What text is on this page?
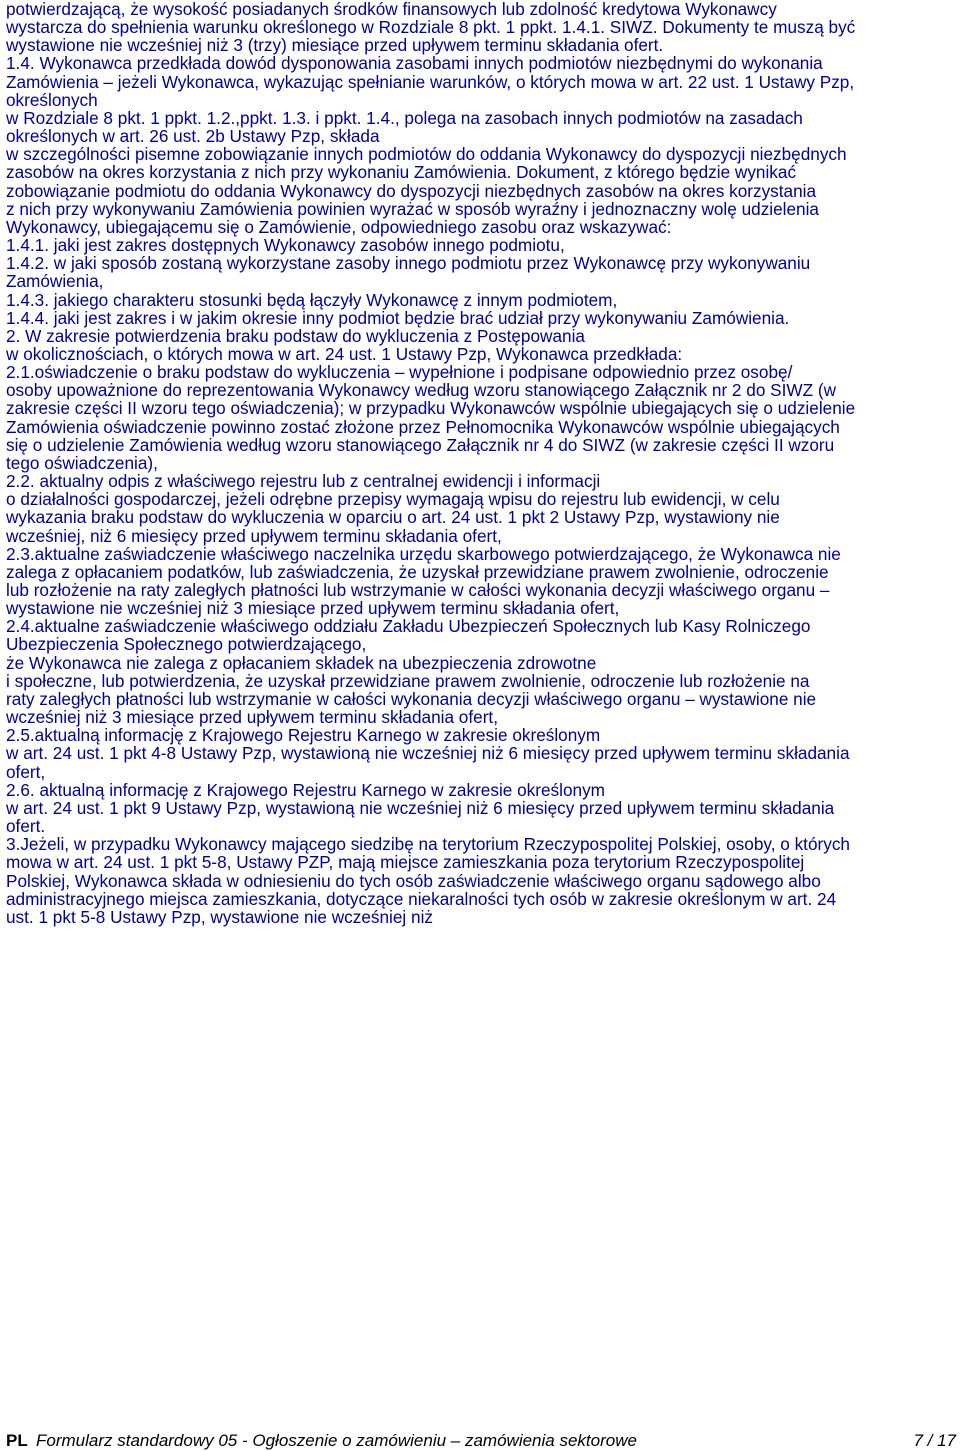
potwierdzającą, że wysokość posiadanych środków finansowych lub zdolność kredytowa Wykonawcy
wystarcza do spełnienia warunku określonego w Rozdziale 8 pkt. 1 ppkt. 1.4.1. SIWZ. Dokumenty te muszą być
wystawione nie wcześniej niż 3 (trzy) miesiące przed upływem terminu składania ofert.
1.4. Wykonawca przedkłada dowód dysponowania zasobami innych podmiotów niezbędnymi do wykonania
Zamówienia – jeżeli Wykonawca, wykazując spełnianie warunków, o których mowa w art. 22 ust. 1 Ustawy Pzp,
określonych
w Rozdziale 8 pkt. 1 ppkt. 1.2.,ppkt. 1.3. i ppkt. 1.4., polega na zasobach innych podmiotów na zasadach
określonych w art. 26 ust. 2b Ustawy Pzp, składa
w szczególności pisemne zobowiązanie innych podmiotów do oddania Wykonawcy do dyspozycji niezbędnych
zasobów na okres korzystania z nich przy wykonaniu Zamówienia. Dokument, z którego będzie wynikać
zobowiązanie podmiotu do oddania Wykonawcy do dyspozycji niezbędnych zasobów na okres korzystania
z nich przy wykonywaniu Zamówienia powinien wyrażać w sposób wyraźny i jednoznaczny wolę udzielenia
Wykonawcy, ubiegającemu się o Zamówienie, odpowiedniego zasobu oraz wskazywać:
1.4.1. jaki jest zakres dostępnych Wykonawcy zasobów innego podmiotu,
1.4.2. w jaki sposób zostaną wykorzystane zasoby innego podmiotu przez Wykonawcę przy wykonywaniu
Zamówienia,
1.4.3. jakiego charakteru stosunki będą łączyły Wykonawcę z innym podmiotem,
1.4.4. jaki jest zakres i w jakim okresie inny podmiot będzie brać udział przy wykonywaniu Zamówienia.
2. W zakresie potwierdzenia braku podstaw do wykluczenia z Postępowania
w okolicznościach, o których mowa w art. 24 ust. 1 Ustawy Pzp, Wykonawca przedkłada:
2.1.oświadczenie o braku podstaw do wykluczenia – wypełnione i podpisane odpowiednio przez osobę/
osoby upoważnione do reprezentowania Wykonawcy według wzoru stanowiącego Załącznik nr 2 do SIWZ (w
zakresie części II wzoru tego oświadczenia); w przypadku Wykonawców wspólnie ubiegających się o udzielenie
Zamówienia oświadczenie powinno zostać złożone przez Pełnomocnika Wykonawców wspólnie ubiegających
się o udzielenie Zamówienia według wzoru stanowiącego Załącznik nr 4 do SIWZ (w zakresie części II wzoru
tego oświadczenia),
2.2. aktualny odpis z właściwego rejestru lub z centralnej ewidencji i informacji
o działalności gospodarczej, jeżeli odrębne przepisy wymagają wpisu do rejestru lub ewidencji, w celu
wykazania braku podstaw do wykluczenia w oparciu o art. 24 ust. 1 pkt 2 Ustawy Pzp, wystawiony nie
wcześniej, niż 6 miesięcy przed upływem terminu składania ofert,
2.3.aktualne zaświadczenie właściwego naczelnika urzędu skarbowego potwierdzającego, że Wykonawca nie
zalega z opłacaniem podatków, lub zaświadczenia, że uzyskał przewidziane prawem zwolnienie, odroczenie
lub rozłożenie na raty zaległych płatności lub wstrzymanie w całości wykonania decyzji właściwego organu –
wystawione nie wcześniej niż 3 miesiące przed upływem terminu składania ofert,
2.4.aktualne zaświadczenie właściwego oddziału Zakładu Ubezpieczeń Społecznych lub Kasy Rolniczego
Ubezpieczenia Społecznego potwierdzającego,
że Wykonawca nie zalega z opłacaniem składek na ubezpieczenia zdrowotne
i społeczne, lub potwierdzenia, że uzyskał przewidziane prawem zwolnienie, odroczenie lub rozłożenie na
raty zaległych płatności lub wstrzymanie w całości wykonania decyzji właściwego organu – wystawione nie
wcześniej niż 3 miesiące przed upływem terminu składania ofert,
2.5.aktualną informację z Krajowego Rejestru Karnego w zakresie określonym
w art. 24 ust. 1 pkt 4-8 Ustawy Pzp, wystawioną nie wcześniej niż 6 miesięcy przed upływem terminu składania
ofert,
2.6. aktualną informację z Krajowego Rejestru Karnego w zakresie określonym
w art. 24 ust. 1 pkt 9 Ustawy Pzp, wystawioną nie wcześniej niż 6 miesięcy przed upływem terminu składania
ofert.
3.Jeżeli, w przypadku Wykonawcy mającego siedzibę na terytorium Rzeczypospolitej Polskiej, osoby, o których
mowa w art. 24 ust. 1 pkt 5-8, Ustawy PZP, mają miejsce zamieszkania poza terytorium Rzeczypospolitej
Polskiej, Wykonawca składa w odniesieniu do tych osób zaświadczenie właściwego organu sądowego albo
administracyjnego miejsca zamieszkania, dotyczące niekaralności tych osób w zakresie określonym w art. 24
ust. 1 pkt 5-8 Ustawy Pzp, wystawione nie wcześniej niż
PL Formularz standardowy 05 - Ogłoszenie o zamówieniu – zamówienia sektorowe	7 / 17
